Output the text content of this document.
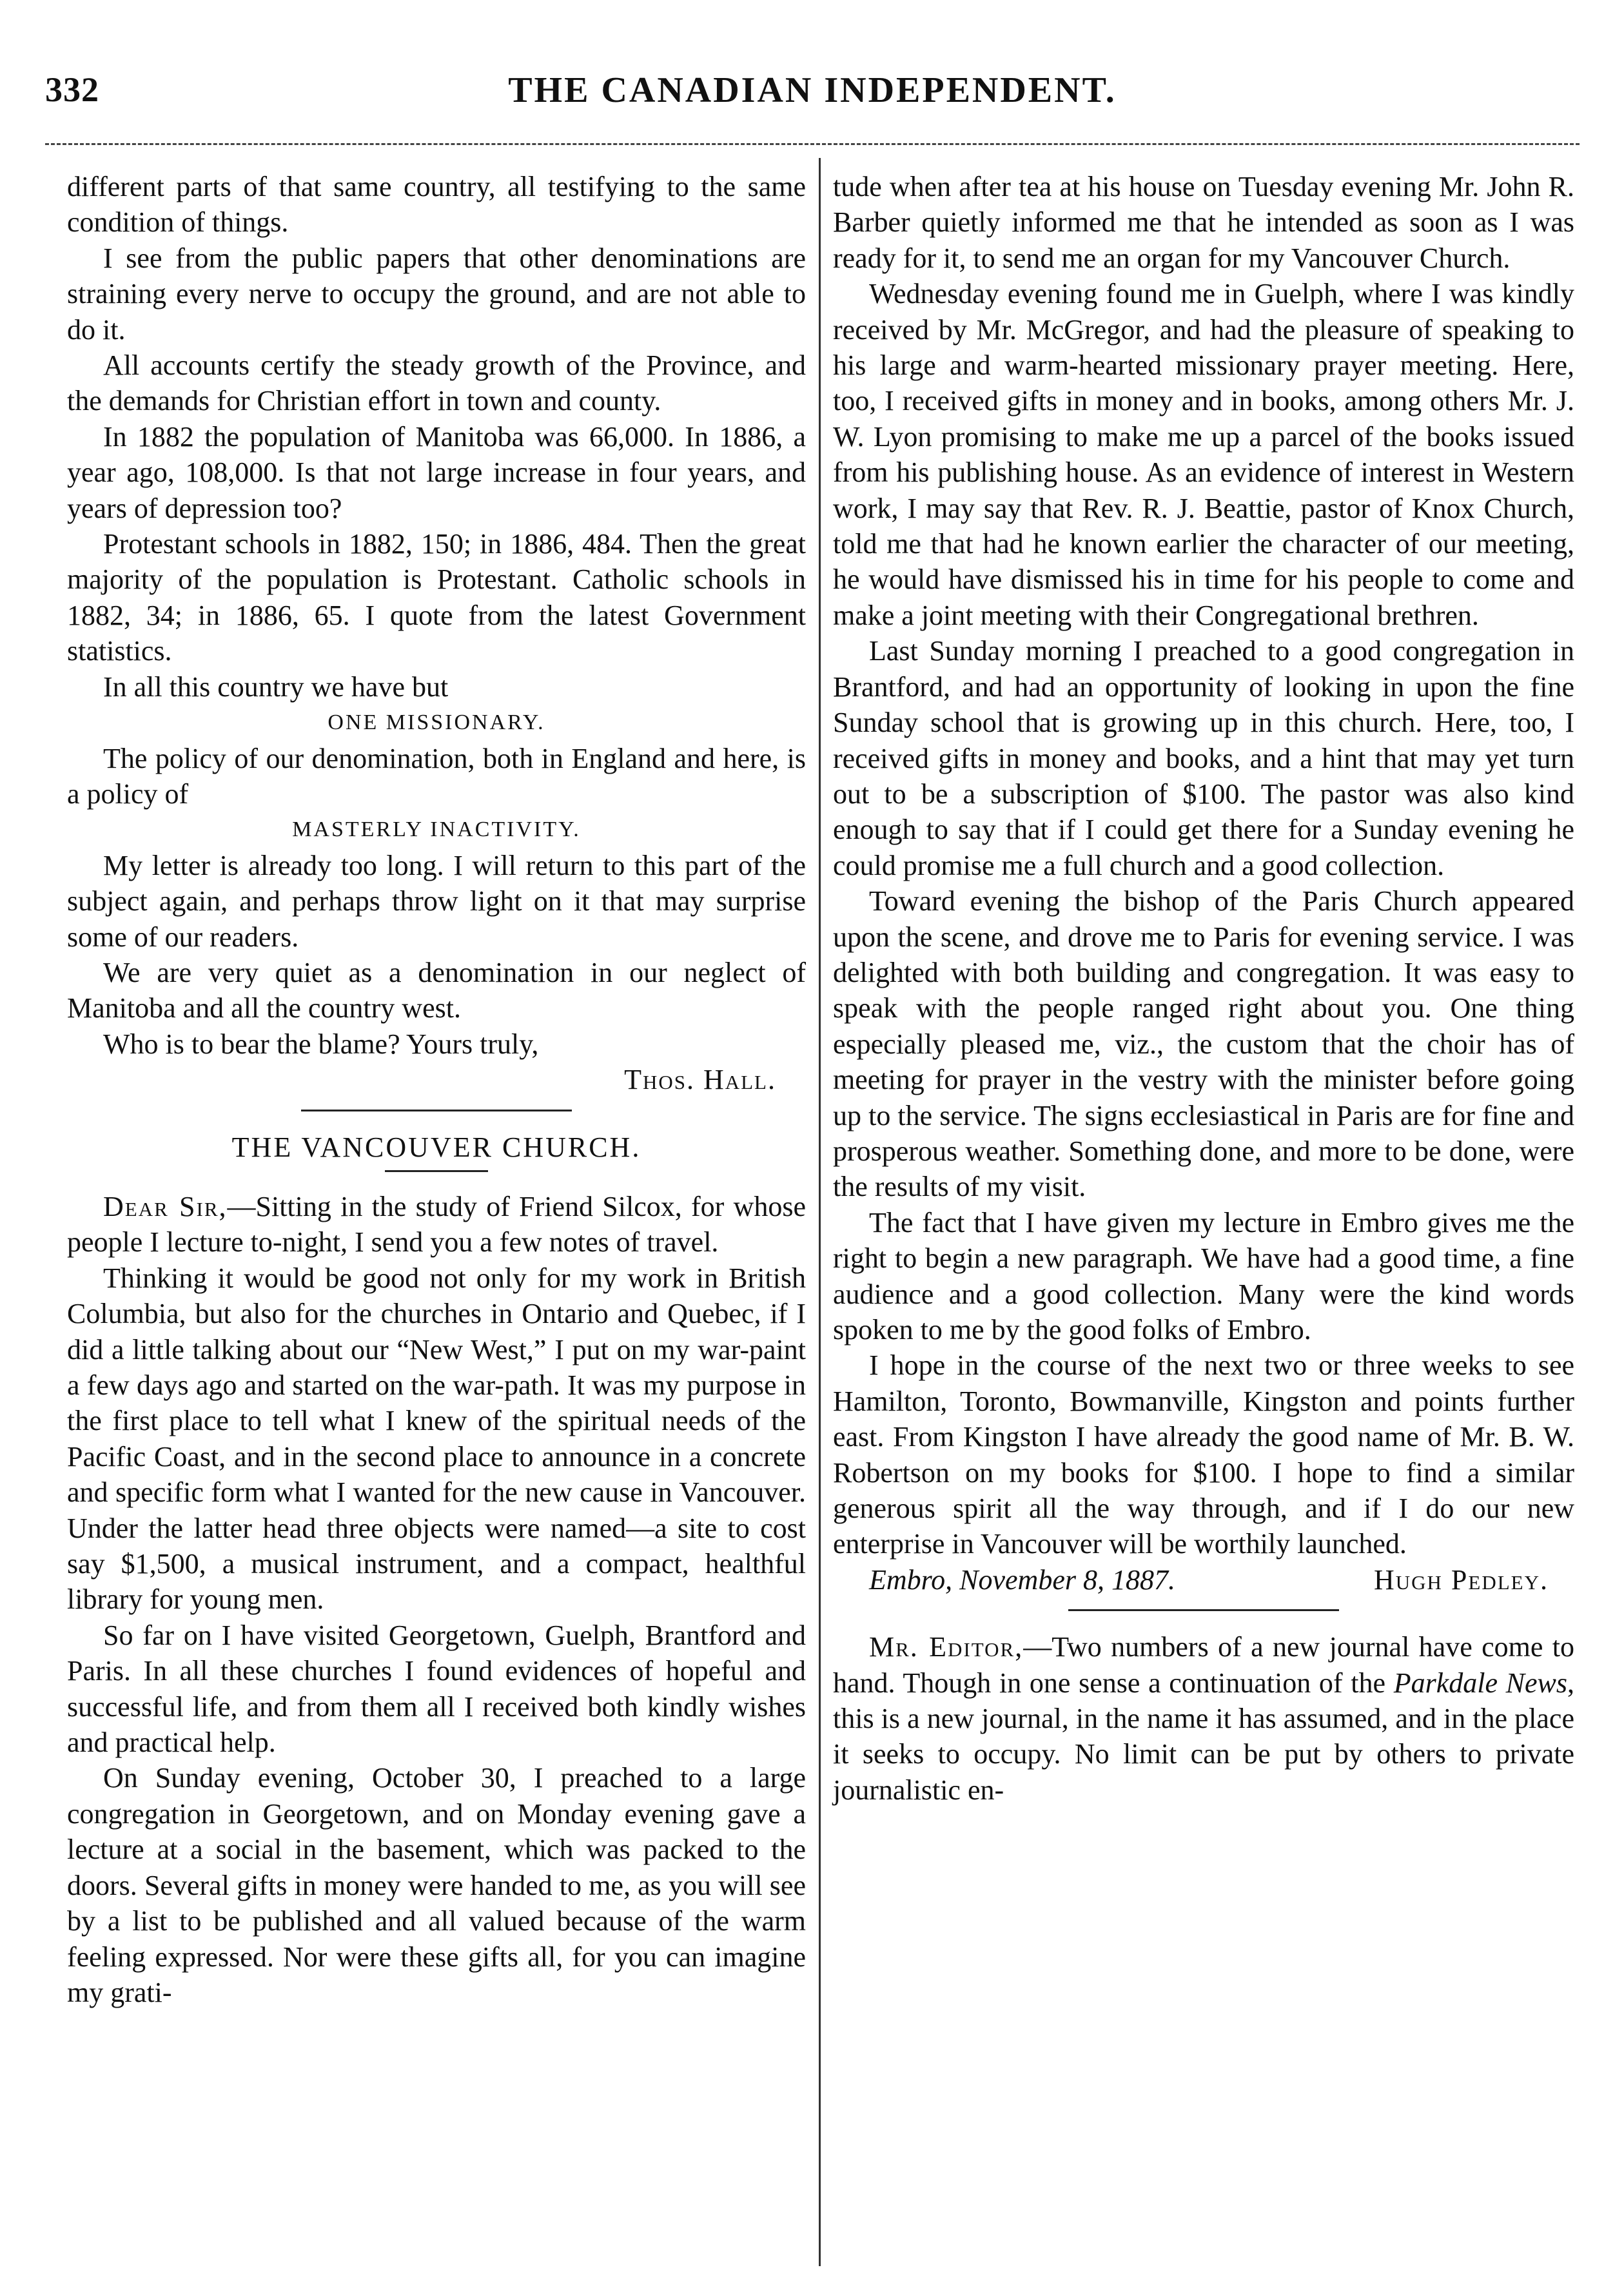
332	THE CANADIAN INDEPENDENT.

different parts of that same country, all testifying to the same condition of things.

I see from the public papers that other denominations are straining every nerve to occupy the ground, and are not able to do it.

All accounts certify the steady growth of the Province, and the demands for Christian effort in town and county.

In 1882 the population of Manitoba was 66,000. In 1886, a year ago, 108,000. Is that not large increase in four years, and years of depression too?

Protestant schools in 1882, 150; in 1886, 484. Then the great majority of the population is Protestant. Catholic schools in 1882, 34; in 1886, 65. I quote from the latest Government statistics.

In all this country we have but

ONE MISSIONARY.

The policy of our denomination, both in England and here, is a policy of

MASTERLY INACTIVITY.

My letter is already too long. I will return to this part of the subject again, and perhaps throw light on it that may surprise some of our readers.

We are very quiet as a denomination in our neglect of Manitoba and all the country west.

Who is to bear the blame? Yours truly,

Thos. Hall.

THE VANCOUVER CHURCH.

Dear Sir,—Sitting in the study of Friend Silcox, for whose people I lecture to-night, I send you a few notes of travel.

Thinking it would be good not only for my work in British Columbia, but also for the churches in Ontario and Quebec, if I did a little talking about our “New West,” I put on my war-paint a few days ago and started on the war-path. It was my purpose in the first place to tell what I knew of the spiritual needs of the Pacific Coast, and in the second place to announce in a concrete and specific form what I wanted for the new cause in Vancouver. Under the latter head three objects were named—a site to cost say $1,500, a musical instrument, and a compact, healthful library for young men.

So far on I have visited Georgetown, Guelph, Brantford and Paris. In all these churches I found evidences of hopeful and successful life, and from them all I received both kindly wishes and practical help.

On Sunday evening, October 30, I preached to a large congregation in Georgetown, and on Monday evening gave a lecture at a social in the basement, which was packed to the doors. Several gifts in money were handed to me, as you will see by a list to be published and all valued because of the warm feeling expressed. Nor were these gifts all, for you can imagine my grati-

tude when after tea at his house on Tuesday evening Mr. John R. Barber quietly informed me that he intended as soon as I was ready for it, to send me an organ for my Vancouver Church.

Wednesday evening found me in Guelph, where I was kindly received by Mr. McGregor, and had the pleasure of speaking to his large and warm-hearted missionary prayer meeting. Here, too, I received gifts in money and in books, among others Mr. J. W. Lyon promising to make me up a parcel of the books issued from his publishing house. As an evidence of interest in Western work, I may say that Rev. R. J. Beattie, pastor of Knox Church, told me that had he known earlier the character of our meeting, he would have dismissed his in time for his people to come and make a joint meeting with their Congregational brethren.

Last Sunday morning I preached to a good congregation in Brantford, and had an opportunity of looking in upon the fine Sunday school that is growing up in this church. Here, too, I received gifts in money and books, and a hint that may yet turn out to be a subscription of $100. The pastor was also kind enough to say that if I could get there for a Sunday evening he could promise me a full church and a good collection.

Toward evening the bishop of the Paris Church appeared upon the scene, and drove me to Paris for evening service. I was delighted with both building and congregation. It was easy to speak with the people ranged right about you. One thing especially pleased me, viz., the custom that the choir has of meeting for prayer in the vestry with the minister before going up to the service. The signs ecclesiastical in Paris are for fine and prosperous weather. Something done, and more to be done, were the results of my visit.

The fact that I have given my lecture in Embro gives me the right to begin a new paragraph. We have had a good time, a fine audience and a good collection. Many were the kind words spoken to me by the good folks of Embro.

I hope in the course of the next two or three weeks to see Hamilton, Toronto, Bowmanville, Kingston and points further east. From Kingston I have already the good name of Mr. B. W. Robertson on my books for $100. I hope to find a similar generous spirit all the way through, and if I do our new enterprise in Vancouver will be worthily launched.

Embro, November 8, 1887.	Hugh Pedley.

Mr. Editor,—Two numbers of a new journal have come to hand. Though in one sense a continuation of the Parkdale News, this is a new journal, in the name it has assumed, and in the place it seeks to occupy. No limit can be put by others to private journalistic en-
